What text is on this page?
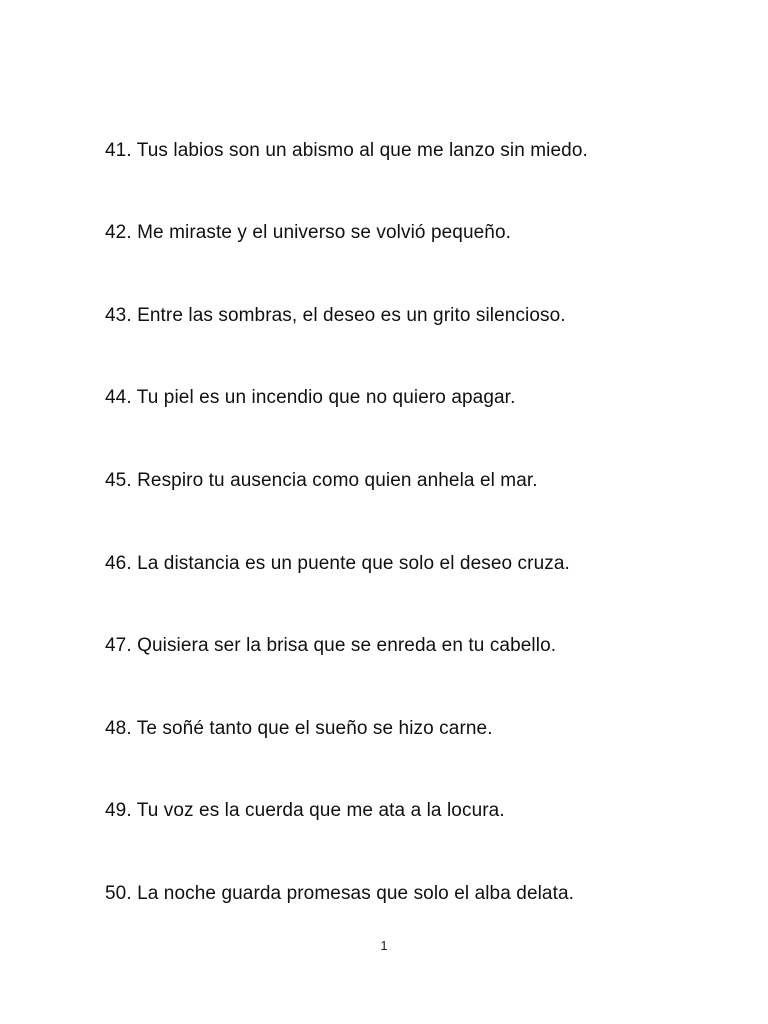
41. Tus labios son un abismo al que me lanzo sin miedo.
42. Me miraste y el universo se volvió pequeño.
43. Entre las sombras, el deseo es un grito silencioso.
44. Tu piel es un incendio que no quiero apagar.
45. Respiro tu ausencia como quien anhela el mar.
46. La distancia es un puente que solo el deseo cruza.
47. Quisiera ser la brisa que se enreda en tu cabello.
48. Te soñé tanto que el sueño se hizo carne.
49. Tu voz es la cuerda que me ata a la locura.
50. La noche guarda promesas que solo el alba delata.
1
